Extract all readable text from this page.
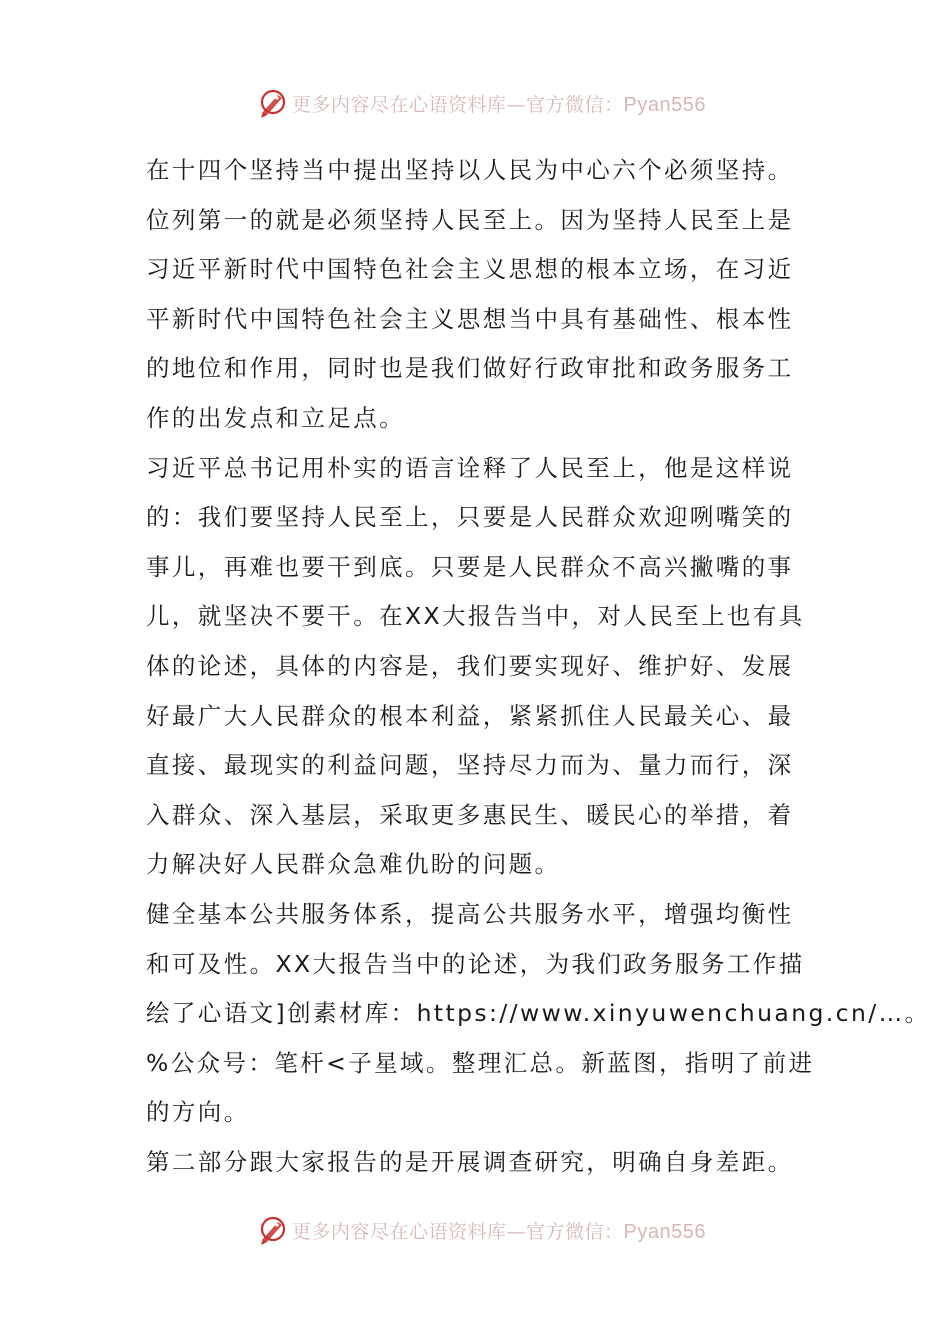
更多内容尽在心语资料库—官方微信：Pyan556
在十四个坚持当中提出坚持以人民为中心六个必须坚持。
位列第一的就是必须坚持人民至上。因为坚持人民至上是
习近平新时代中国特色社会主义思想的根本立场，在习近
平新时代中国特色社会主义思想当中具有基础性、根本性
的地位和作用，同时也是我们做好行政审批和政务服务工
作的出发点和立足点。
习近平总书记用朴实的语言诠释了人民至上，他是这样说
的：我们要坚持人民至上，只要是人民群众欢迎咧嘴笑的
事儿，再难也要干到底。只要是人民群众不高兴撇嘴的事
儿，就坚决不要干。在XX大报告当中，对人民至上也有具
体的论述，具体的内容是，我们要实现好、维护好、发展
好最广大人民群众的根本利益，紧紧抓住人民最关心、最
直接、最现实的利益问题，坚持尽力而为、量力而行，深
入群众、深入基层，采取更多惠民生、暖民心的举措，着
力解决好人民群众急难仇盼的问题。
健全基本公共服务体系，提高公共服务水平，增强均衡性
和可及性。XX大报告当中的论述，为我们政务服务工作描
绘了心语文]创素材库：https://www.xinyuwenchuang.cn/…。
%公众号：笔杆<子星域。整理汇总。新蓝图，指明了前进
的方向。
第二部分跟大家报告的是开展调查研究，明确自身差距。
更多内容尽在心语资料库—官方微信：Pyan556
